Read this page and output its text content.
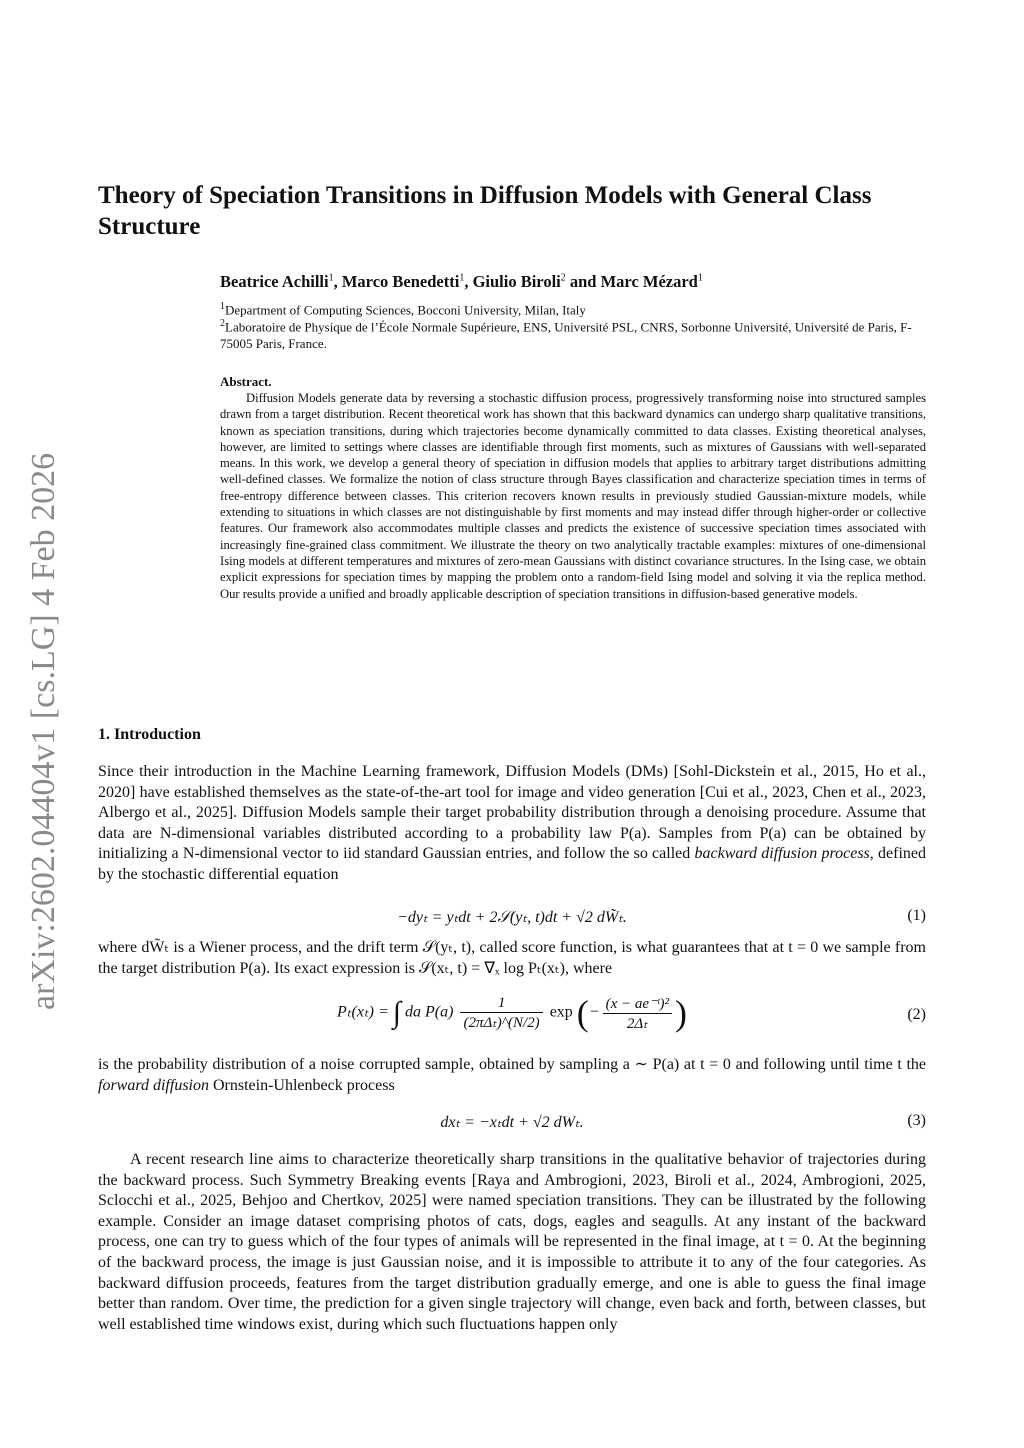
arXiv:2602.04404v1 [cs.LG] 4 Feb 2026
Theory of Speciation Transitions in Diffusion Models with General Class Structure
Beatrice Achilli$^1$, Marco Benedetti$^1$, Giulio Biroli$^2$ and Marc Mézard$^1$
$^1$Department of Computing Sciences, Bocconi University, Milan, Italy
$^2$Laboratoire de Physique de l’École Normale Supérieure, ENS, Université PSL, CNRS, Sorbonne Université, Université de Paris, F-75005 Paris, France.
Abstract.

Diffusion Models generate data by reversing a stochastic diffusion process, progressively transforming noise into structured samples drawn from a target distribution. Recent theoretical work has shown that this backward dynamics can undergo sharp qualitative transitions, known as speciation transitions, during which trajectories become dynamically committed to data classes. Existing theoretical analyses, however, are limited to settings where classes are identifiable through first moments, such as mixtures of Gaussians with well-separated means. In this work, we develop a general theory of speciation in diffusion models that applies to arbitrary target distributions admitting well-defined classes. We formalize the notion of class structure through Bayes classification and characterize speciation times in terms of free-entropy difference between classes. This criterion recovers known results in previously studied Gaussian-mixture models, while extending to situations in which classes are not distinguishable by first moments and may instead differ through higher-order or collective features. Our framework also accommodates multiple classes and predicts the existence of successive speciation times associated with increasingly fine-grained class commitment. We illustrate the theory on two analytically tractable examples: mixtures of one-dimensional Ising models at different temperatures and mixtures of zero-mean Gaussians with distinct covariance structures. In the Ising case, we obtain explicit expressions for speciation times by mapping the problem onto a random-field Ising model and solving it via the replica method. Our results provide a unified and broadly applicable description of speciation transitions in diffusion-based generative models.

1. Introduction

Since their introduction in the Machine Learning framework, Diffusion Models (DMs) [Sohl-Dickstein et al., 2015, Ho et al., 2020] have established themselves as the state-of-the-art tool for image and video generation [Cui et al., 2023, Chen et al., 2023, Albergo et al., 2025]. Diffusion Models sample their target probability distribution through a denoising procedure. Assume that data are N-dimensional variables distributed according to a probability law P(a). Samples from P(a) can be obtained by initializing a N-dimensional vector to iid standard Gaussian entries, and follow the so called backward diffusion process, defined by the stochastic differential equation

−dyₜ = yₜdt + 2𝒮(yₜ, t)dt + √2 dW̃ₜ.	(1)

where dW̃ₜ is a Wiener process, and the drift term 𝒮(yₜ, t), called score function, is what guarantees that at t = 0 we sample from the target distribution P(a). Its exact expression is 𝒮(xₜ, t) = ∇ₓ log Pₜ(xₜ), where

Pₜ(xₜ) = ∫ da $P(a) \frac{1}{\text{(2πΔₜ)\textasciicircum{}(N/2)}}$ exp (− $\frac{\text{(x − ae⁻ᵗ)²}}{\text{2Δₜ}}$ )	(2)

is the probability distribution of a noise corrupted sample, obtained by sampling a ∼ P(a) at t = 0 and following until time t the forward diffusion Ornstein-Uhlenbeck process

dxₜ = −xₜdt + √2 dWₜ.	(3)

A recent research line aims to characterize theoretically sharp transitions in the qualitative behavior of trajectories during the backward process. Such Symmetry Breaking events [Raya and Ambrogioni, 2023, Biroli et al., 2024, Ambrogioni, 2025, Sclocchi et al., 2025, Behjoo and Chertkov, 2025] were named speciation transitions. They can be illustrated by the following example. Consider an image dataset comprising photos of cats, dogs, eagles and seagulls. At any instant of the backward process, one can try to guess which of the four types of animals will be represented in the final image, at t = 0. At the beginning of the backward process, the image is just Gaussian noise, and it is impossible to attribute it to any of the four categories. As backward diffusion proceeds, features from the target distribution gradually emerge, and one is able to guess the final image better than random. Over time, the prediction for a given single trajectory will change, even back and forth, between classes, but well established time windows exist, during which such fluctuations happen only
